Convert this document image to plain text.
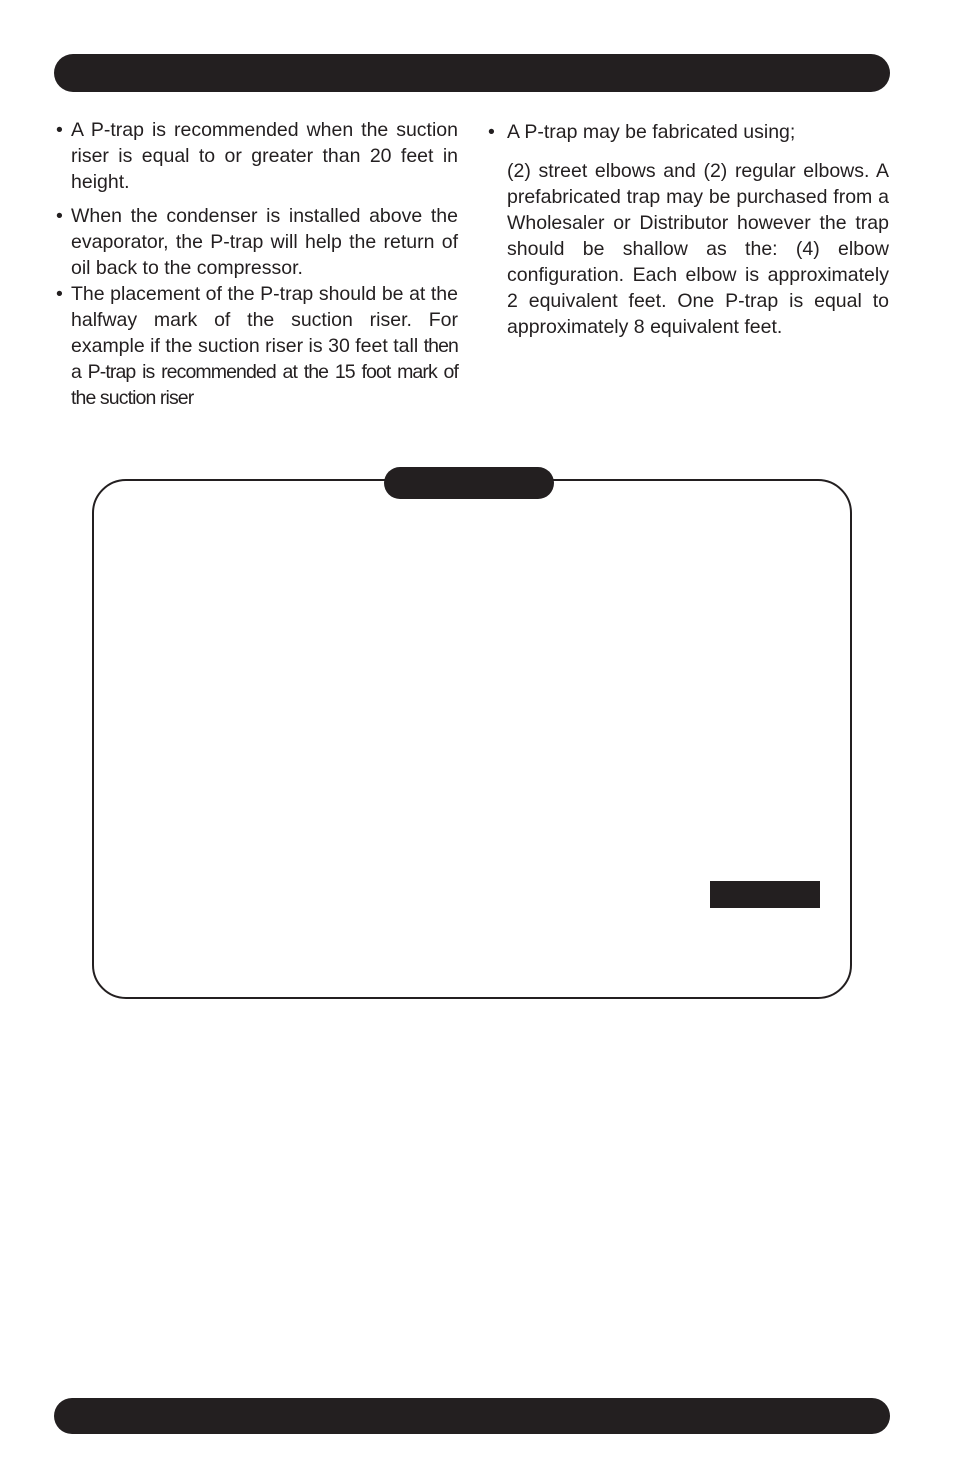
• A P-trap is recommended when the suction riser is equal to or greater than 20 feet in height.

• When the condenser is installed above the evaporator, the P-trap will help the return of oil back to the compressor.

• The placement of the P-trap should be at the halfway mark of the suction riser. For example if the suction riser is 30 feet tall then a P-trap is recommended at the 15 foot mark of the suction riser

• A P-trap may be fabricated using;

(2) street elbows and (2) regular elbows. A prefabricated trap may be purchased from a Wholesaler or Distributor however the trap should be shallow as the: (4) elbow configuration. Each elbow is approximately 2 equivalent feet. One P-trap is equal to approximately 8 equivalent feet.
